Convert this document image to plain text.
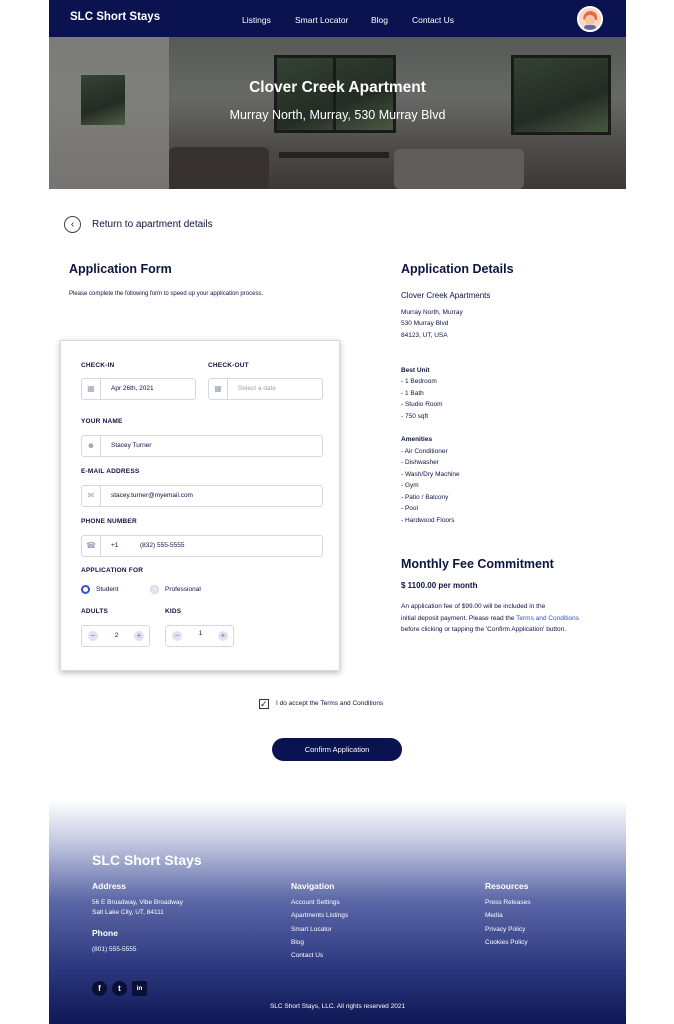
SLC Short Stays	Listings	Smart Locator	Blog	Contact Us
Clover Creek Apartment
Murray North, Murray, 530 Murray Blvd
‹	Return to apartment details
Application Form
Please complete the following form to speed up your application process.
CHECK-IN	CHECK-OUT
▦	Apr 26th, 2021	▦	Select a date
YOUR NAME
☻	Stacey Turner
E-MAIL ADDRESS
✉	stacey.turner@myemail.com
PHONE NUMBER
☎	+1	(832) 555-5555
APPLICATION FOR
Student	Professional
ADULTS	KIDS
−	2	+	−	1	+
Application Details
Clover Creek Apartments
Murray North, Murray
530 Murray Blvd
84123, UT, USA
Best Unit
- 1 Bedroom
- 1 Bath
- Studio Room
- 750 sqft
Amenities
- Air Conditioner
- Dishwasher
- Wash/Dry Machine
- Gym
- Patio / Balcony
- Pool
- Hardwood Floors
Monthly Fee Commitment
$ 1100.00 per month
An application fee of $99.00 will be included in the
initial deposit payment. Please read the Terms and Conditions
before clicking or tapping the 'Confirm Application' button.
✓ I do accept the Terms and Conditions
Confirm Application
SLC Short Stays
Address
56 E Broadway, Vibe Broadway
Salt Lake City, UT, 84111
Phone
(801) 555-5555
Navigation
Account Settings
Apartments Listings
Smart Locator
Blog
Contact Us
Resources
Press Releases
Media
Privacy Policy
Cookies Policy
f	t	in
SLC Short Stays, LLC. All rights reserved 2021
